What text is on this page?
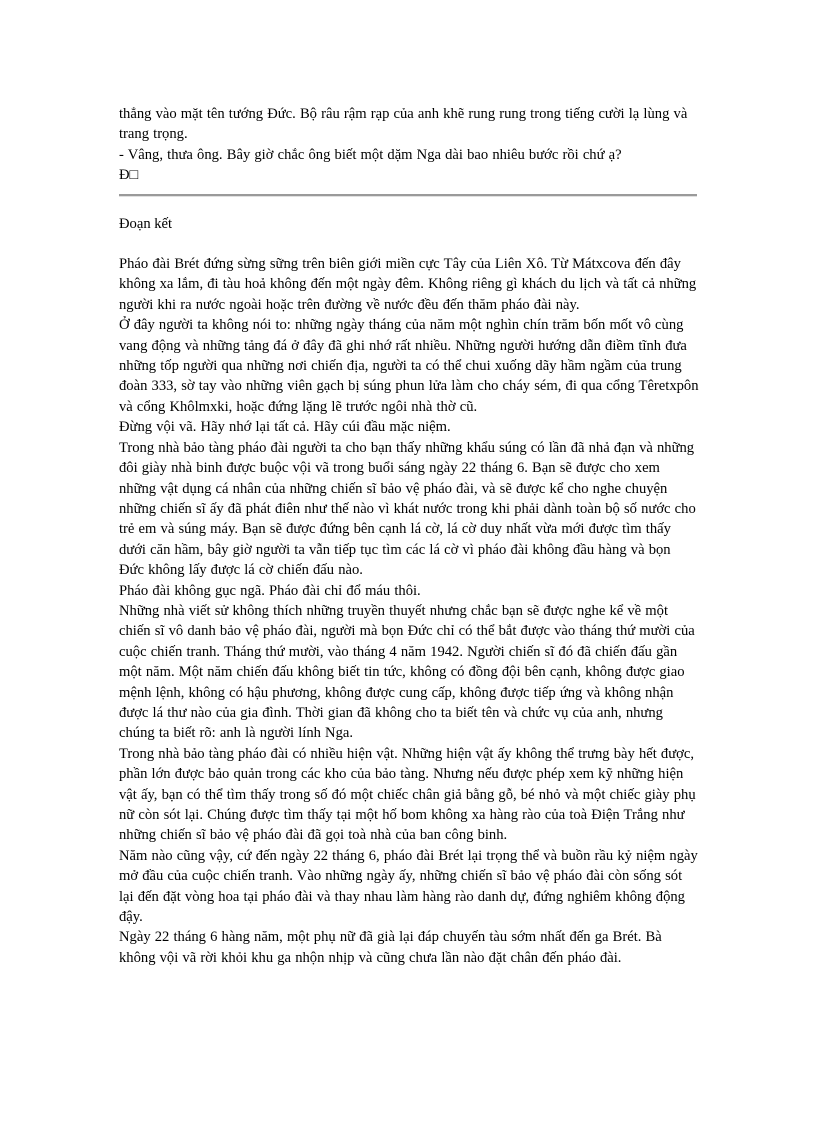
thẳng vào mặt tên tướng Đức. Bộ râu rậm rạp của anh khẽ rung rung trong tiếng cười lạ lùng và trang trọng.

- Vâng, thưa ông. Bây giờ chắc ông biết một dặm Nga dài bao nhiêu bước rồi chứ ạ?

Đ□

Đoạn kết

Pháo đài Brét đứng sừng sững trên biên giới miền cực Tây của Liên Xô. Từ Mátxcova đến đây không xa lắm, đi tàu hoả không đến một ngày đêm. Không riêng gì khách du lịch và tất cả những người khi ra nước ngoài hoặc trên đường về nước đều đến thăm pháo đài này.

Ở đây người ta không nói to: những ngày tháng của năm một nghìn chín trăm bốn mốt vô cùng vang động và những tảng đá ở đây đã ghi nhớ rất nhiều. Những người hướng dẫn điềm tĩnh đưa những tốp người qua những nơi chiến địa, người ta có thể chui xuống dãy hầm ngầm của trung đoàn 333, sờ tay vào những viên gạch bị súng phun lửa làm cho cháy sém, đi qua cổng Têretxpôn và cổng Khôlmxki, hoặc đứng lặng lẽ trước ngôi nhà thờ cũ.

Đừng vội vã. Hãy nhớ lại tất cả. Hãy cúi đầu mặc niệm.

Trong nhà bảo tàng pháo đài người ta cho bạn thấy những khẩu súng có lần đã nhả đạn và những đôi giày nhà binh được buộc vội vã trong buổi sáng ngày 22 tháng 6. Bạn sẽ được cho xem những vật dụng cá nhân của những chiến sĩ bảo vệ pháo đài, và sẽ được kể cho nghe chuyện những chiến sĩ ấy đã phát điên như thế nào vì khát nước trong khi phải dành toàn bộ số nước cho trẻ em và súng máy. Bạn sẽ được đứng bên cạnh lá cờ, lá cờ duy nhất vừa mới được tìm thấy dưới căn hầm, bây giờ người ta vẫn tiếp tục tìm các lá cờ vì pháo đài không đầu hàng và bọn Đức không lấy được lá cờ chiến đấu nào.

Pháo đài không gục ngã. Pháo đài chỉ đổ máu thôi.

Những nhà viết sử không thích những truyền thuyết nhưng chắc bạn sẽ được nghe kể về một chiến sĩ vô danh bảo vệ pháo đài, người mà bọn Đức chỉ có thể bắt được vào tháng thứ mười của cuộc chiến tranh. Tháng thứ mười, vào tháng 4 năm 1942. Người chiến sĩ đó đã chiến đấu gần một năm. Một năm chiến đấu không biết tin tức, không có đồng đội bên cạnh, không được giao mệnh lệnh, không có hậu phương, không được cung cấp, không được tiếp ứng và không nhận được lá thư nào của gia đình. Thời gian đã không cho ta biết tên và chức vụ của anh, nhưng chúng ta biết rõ: anh là người lính Nga.

Trong nhà bảo tàng pháo đài có nhiều hiện vật. Những hiện vật ấy không thể trưng bày hết được, phần lớn được bảo quản trong các kho của bảo tàng. Nhưng nếu được phép xem kỹ những hiện vật ấy, bạn có thể tìm thấy trong số đó một chiếc chân giả bằng gỗ, bé nhỏ và một chiếc giày phụ nữ còn sót lại. Chúng được tìm thấy tại một hố bom không xa hàng rào của toà Điện Trắng như những chiến sĩ bảo vệ pháo đài đã gọi toà nhà của ban công binh.

Năm nào cũng vậy, cứ đến ngày 22 tháng 6, pháo đài Brét lại trọng thể và buồn rầu kỷ niệm ngày mở đầu của cuộc chiến tranh. Vào những ngày ấy, những chiến sĩ bảo vệ pháo đài còn sống sót lại đến đặt vòng hoa tại pháo đài và thay nhau làm hàng rào danh dự, đứng nghiêm không động đậy.

Ngày 22 tháng 6 hàng năm, một phụ nữ đã già lại đáp chuyến tàu sớm nhất đến ga Brét. Bà không vội vã rời khỏi khu ga nhộn nhịp và cũng chưa lần nào đặt chân đến pháo đài.
